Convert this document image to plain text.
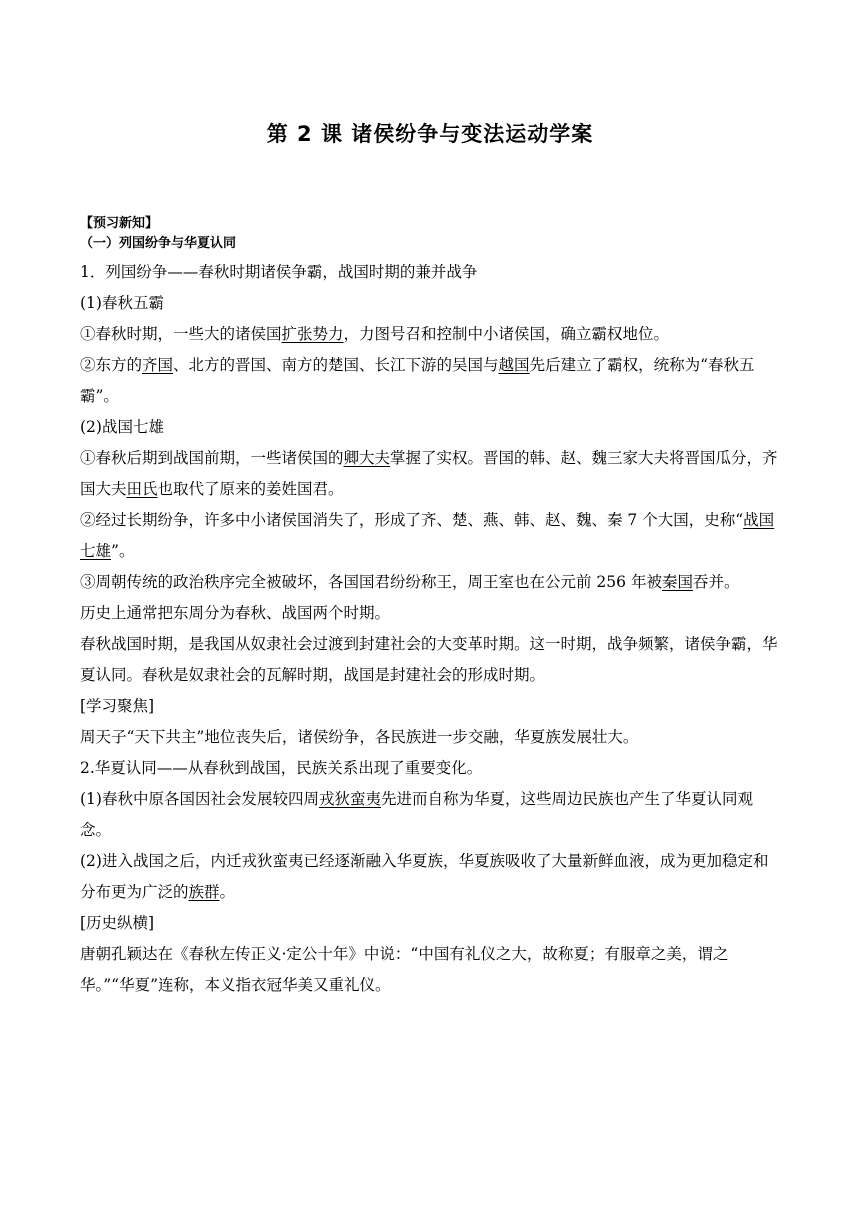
第 2 课 诸侯纷争与变法运动学案
【预习新知】
（一）列国纷争与华夏认同

1．列国纷争——春秋时期诸侯争霸，战国时期的兼并战争

(1)春秋五霸

①春秋时期，一些大的诸侯国扩张势力，力图号召和控制中小诸侯国，确立霸权地位。

②东方的齐国、北方的晋国、南方的楚国、长江下游的吴国与越国先后建立了霸权，统称为“春秋五霸”。

(2)战国七雄

①春秋后期到战国前期，一些诸侯国的卿大夫掌握了实权。晋国的韩、赵、魏三家大夫将晋国瓜分，齐国大夫田氏也取代了原来的姜姓国君。

②经过长期纷争，许多中小诸侯国消失了，形成了齐、楚、燕、韩、赵、魏、秦 7 个大国，史称“战国七雄”。

③周朝传统的政治秩序完全被破坏，各国国君纷纷称王，周王室也在公元前 256 年被秦国吞并。

历史上通常把东周分为春秋、战国两个时期。

春秋战国时期，是我国从奴隶社会过渡到封建社会的大变革时期。这一时期，战争频繁，诸侯争霸，华夏认同。春秋是奴隶社会的瓦解时期，战国是封建社会的形成时期。

[学习聚焦]

周天子“天下共主”地位丧失后，诸侯纷争，各民族进一步交融，华夏族发展壮大。

2.华夏认同——从春秋到战国，民族关系出现了重要变化。

(1)春秋中原各国因社会发展较四周戎狄蛮夷先进而自称为华夏，这些周边民族也产生了华夏认同观念。

(2)进入战国之后，内迁戎狄蛮夷已经逐渐融入华夏族，华夏族吸收了大量新鲜血液，成为更加稳定和分布更为广泛的族群。

[历史纵横]

唐朝孔颖达在《春秋左传正义·定公十年》中说：“中国有礼仪之大，故称夏；有服章之美，谓之华。”“华夏”连称，本义指衣冠华美又重礼仪。
